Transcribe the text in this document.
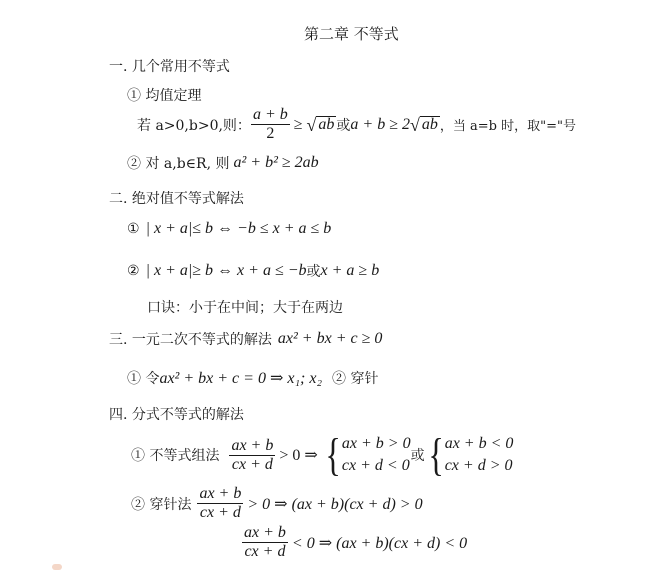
第二章 不等式
一. 几个常用不等式
① 均值定理
若 a>0,b>0,则： $\frac{a + b}{2}$ ≥ √ ab 或 a + b ≥ 2 √ ab ，当 a=b 时，取"="号
② 对 a,b∈R, 则 a² + b² ≥ 2ab
二. 绝对值不等式解法
① | x + a|≤ b ⇔ −b ≤ x + a ≤ b
② | x + a|≥ b ⇔ x + a ≤ −b 或 x + a ≥ b
口诀：小于在中间；大于在两边
三. 一元二次不等式的解法 ax² + bx + c ≥ 0
① 令 ax² + bx + c = 0 ⇒ x₁; x₂ ② 穿针
四. 分式不等式的解法
① 不等式组法 $\frac{ax + b}{cx + d} > 0$ ⇒ { ax + b > 0
cx + d < 0
或 { ax + b < 0
cx + d > 0
② 穿针法 $\frac{ax + b}{cx + d} > 0$ ⇒ (ax + b)(cx + d) > 0
$\frac{ax + b}{cx + d} < 0$ ⇒ (ax + b)(cx + d) < 0
